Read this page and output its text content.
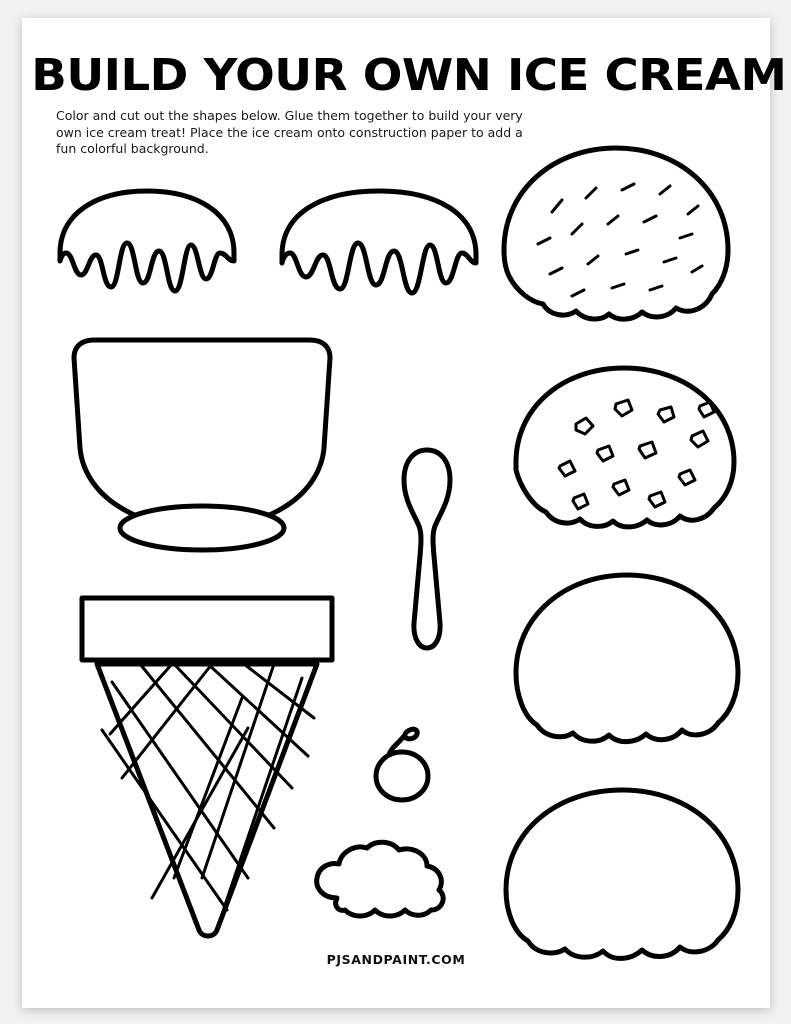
BUILD YOUR OWN ICE CREAM
Color and cut out the shapes below. Glue them together to build your very own ice cream treat! Place the ice cream onto construction paper to add a fun colorful background.
PJSANDPAINT.COM
